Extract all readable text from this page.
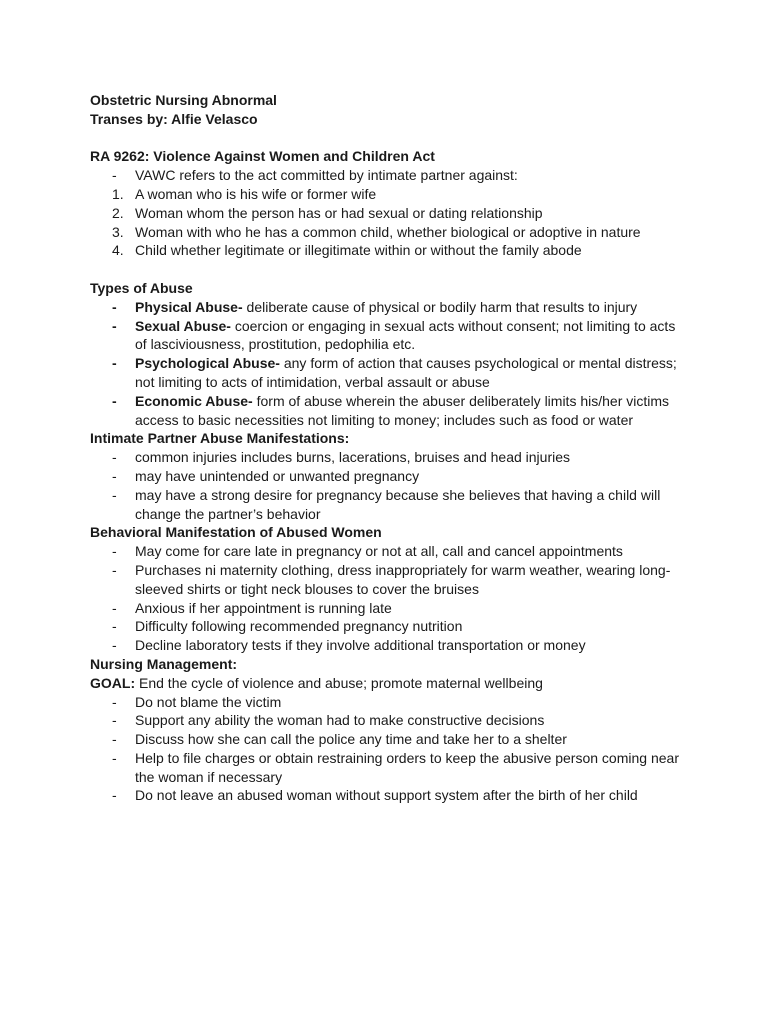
Obstetric Nursing Abnormal

Transes by: Alfie Velasco

RA 9262: Violence Against Women and Children Act

-	VAWC refers to the act committed by intimate partner against:
1. A woman who is his wife or former wife
2. Woman whom the person has or had sexual or dating relationship
3. Woman with who he has a common child, whether biological or adoptive in nature
4. Child whether legitimate or illegitimate within or without the family abode

Types of Abuse

-	Physical Abuse- deliberate cause of physical or bodily harm that results to injury
-	Sexual Abuse- coercion or engaging in sexual acts without consent; not limiting to acts of lasciviousness, prostitution, pedophilia etc.
-	Psychological Abuse- any form of action that causes psychological or mental distress; not limiting to acts of intimidation, verbal assault or abuse
-	Economic Abuse- form of abuse wherein the abuser deliberately limits his/her victims access to basic necessities not limiting to money; includes such as food or water

Intimate Partner Abuse Manifestations:

-	common injuries includes burns, lacerations, bruises and head injuries
-	may have unintended or unwanted pregnancy
-	may have a strong desire for pregnancy because she believes that having a child will change the partner’s behavior

Behavioral Manifestation of Abused Women

-	May come for care late in pregnancy or not at all, call and cancel appointments
-	Purchases ni maternity clothing, dress inappropriately for warm weather, wearing long-sleeved shirts or tight neck blouses to cover the bruises
-	Anxious if her appointment is running late
-	Difficulty following recommended pregnancy nutrition
-	Decline laboratory tests if they involve additional transportation or money

Nursing Management:

GOAL: End the cycle of violence and abuse; promote maternal wellbeing

-	Do not blame the victim
-	Support any ability the woman had to make constructive decisions
-	Discuss how she can call the police any time and take her to a shelter
-	Help to file charges or obtain restraining orders to keep the abusive person coming near the woman if necessary
-	Do not leave an abused woman without support system after the birth of her child
